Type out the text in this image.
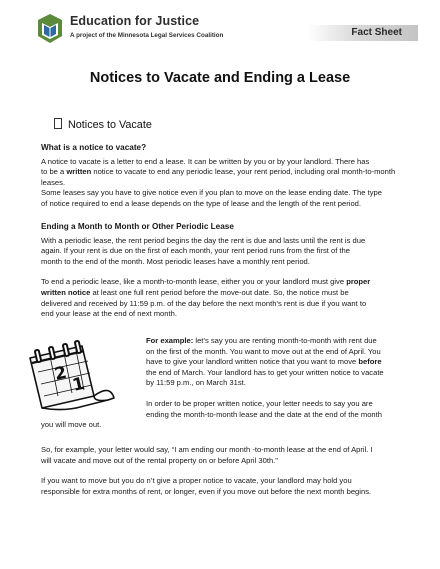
Education for Justice
A project of the Minnesota Legal Services Coalition	Fact Sheet
Notices to Vacate and Ending a Lease
Notices to Vacate

What is a notice to vacate?

A notice to vacate is a letter to end a lease. It can be written by you or by your landlord. There has

to be a written notice to vacate to end any periodic lease, your rent period, including oral month-to-month leases.

Some leases say you have to give notice even if you plan to move on the lease ending date. The type

of notice required to end a lease depends on the type of lease and the length of the rent period.

Ending a Month to Month or Other Periodic Lease

With a periodic lease, the rent period begins the day the rent is due and lasts until the rent is due

again. If your rent is due on the first of each month, your rent period runs from the first of the

month to the end of the month. Most periodic leases have a monthly rent period.

To end a periodic lease, like a month-to-month lease, either you or your landlord must give proper

written notice at least one full rent period before the move-out date. So, the notice must be

delivered and received by 11:59 p.m. of the day before the next month’s rent is due if you want to

end your lease at the end of next month.

2 1

For example: let’s say you are renting month-to-month with rent due

on the first of the month. You want to move out at the end of April. You

have to give your landlord written notice that you want to move before

the end of March. Your landlord has to get your written notice to vacate

by 11:59 p.m., on March 31st.

In order to be proper written notice, your letter needs to say you are

ending the month-to-month lease and the date at the end of the month

you will move out.

So, for example, your letter would say, “I am ending our month -to-month lease at the end of April. I

will vacate and move out of the rental property on or before April 30th.”

If you want to move but you do n’t give a proper notice to vacate, your landlord may hold you

responsible for extra months of rent, or longer, even if you move out before the next month begins.
